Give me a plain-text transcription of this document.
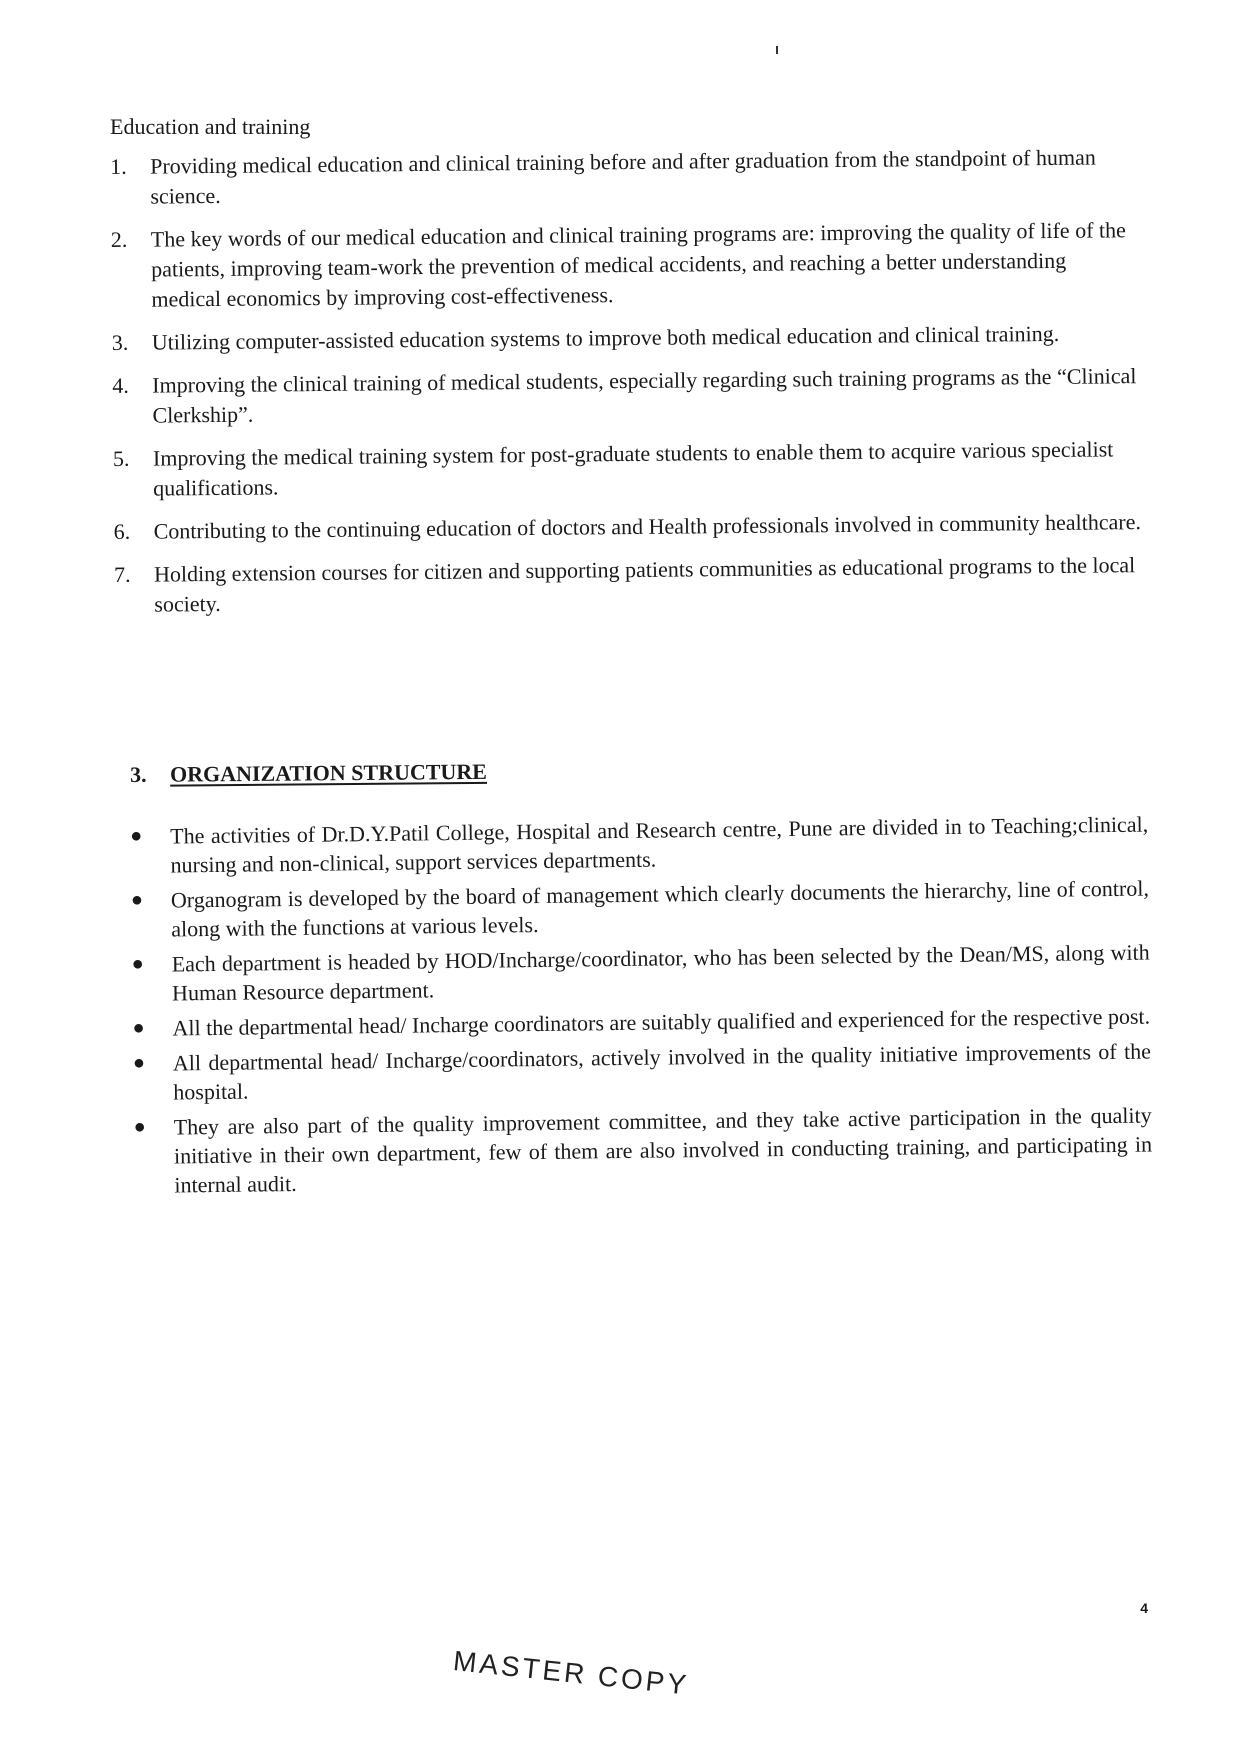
Education and training

1.	Providing medical education and clinical training before and after graduation from the standpoint of human science.
2.	The key words of our medical education and clinical training programs are: improving the quality of life of the patients, improving team-work the prevention of medical accidents, and reaching a better understanding medical economics by improving cost-effectiveness.
3.	Utilizing computer-assisted education systems to improve both medical education and clinical training.
4.	Improving the clinical training of medical students, especially regarding such training programs as the “Clinical Clerkship”.
5.	Improving the medical training system for post-graduate students to enable them to acquire various specialist qualifications.
6.	Contributing to the continuing education of doctors and Health professionals involved in community healthcare.
7.	Holding extension courses for citizen and supporting patients communities as educational programs to the local society.
3.	ORGANIZATION STRUCTURE
●	The activities of Dr.D.Y.Patil College, Hospital and Research centre, Pune are divided in to Teaching;clinical, nursing and non-clinical, support services departments.
●	Organogram is developed by the board of management which clearly documents the hierarchy, line of control, along with the functions at various levels.
●	Each department is headed by HOD/Incharge/coordinator, who has been selected by the Dean/MS, along with Human Resource department.
●	All the departmental head/ Incharge coordinators are suitably qualified and experienced for the respective post.
●	All departmental head/ Incharge/coordinators, actively involved in the quality initiative improvements of the hospital.
●	They are also part of the quality improvement committee, and they take active participation in the quality initiative in their own department, few of them are also involved in conducting training, and participating in internal audit.
4
MASTER COPY
